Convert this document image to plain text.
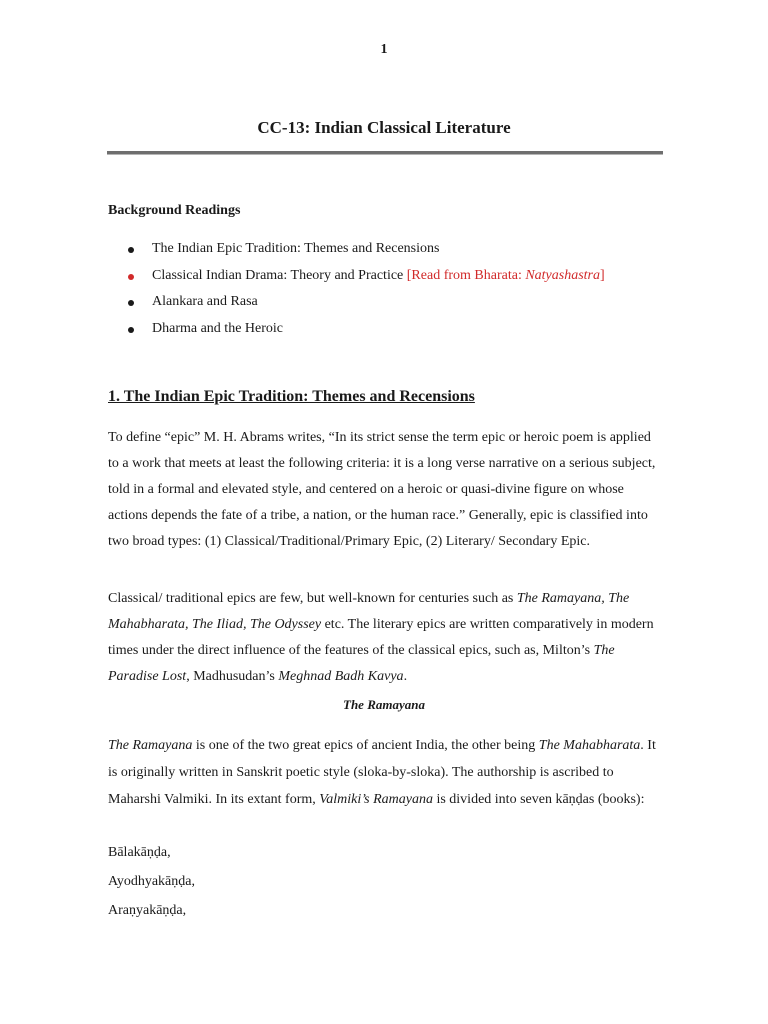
1
CC-13: Indian Classical Literature
Background Readings
The Indian Epic Tradition: Themes and Recensions
Classical Indian Drama: Theory and Practice [Read from Bharata: Natyashastra]
Alankara and Rasa
Dharma and the Heroic
1. The Indian Epic Tradition: Themes and Recensions

To define “epic” M. H. Abrams writes, “In its strict sense the term epic or heroic poem is applied to a work that meets at least the following criteria: it is a long verse narrative on a serious subject, told in a formal and elevated style, and centered on a heroic or quasi-divine figure on whose actions depends the fate of a tribe, a nation, or the human race.” Generally, epic is classified into two broad types: (1) Classical/Traditional/Primary Epic, (2) Literary/ Secondary Epic.

Classical/ traditional epics are few, but well-known for centuries such as The Ramayana, The Mahabharata, The Iliad, The Odyssey etc. The literary epics are written comparatively in modern times under the direct influence of the features of the classical epics, such as, Milton’s The Paradise Lost, Madhusudan’s Meghnad Badh Kavya.

The Ramayana

The Ramayana is one of the two great epics of ancient India, the other being The Mahabharata. It is originally written in Sanskrit poetic style (sloka-by-sloka). The authorship is ascribed to Maharshi Valmiki. In its extant form, Valmiki’s Ramayana is divided into seven kāṇḍas (books):

Bālakāṇḍa,
Ayodhyakāṇḍa,
Araṇyakāṇḍa,
